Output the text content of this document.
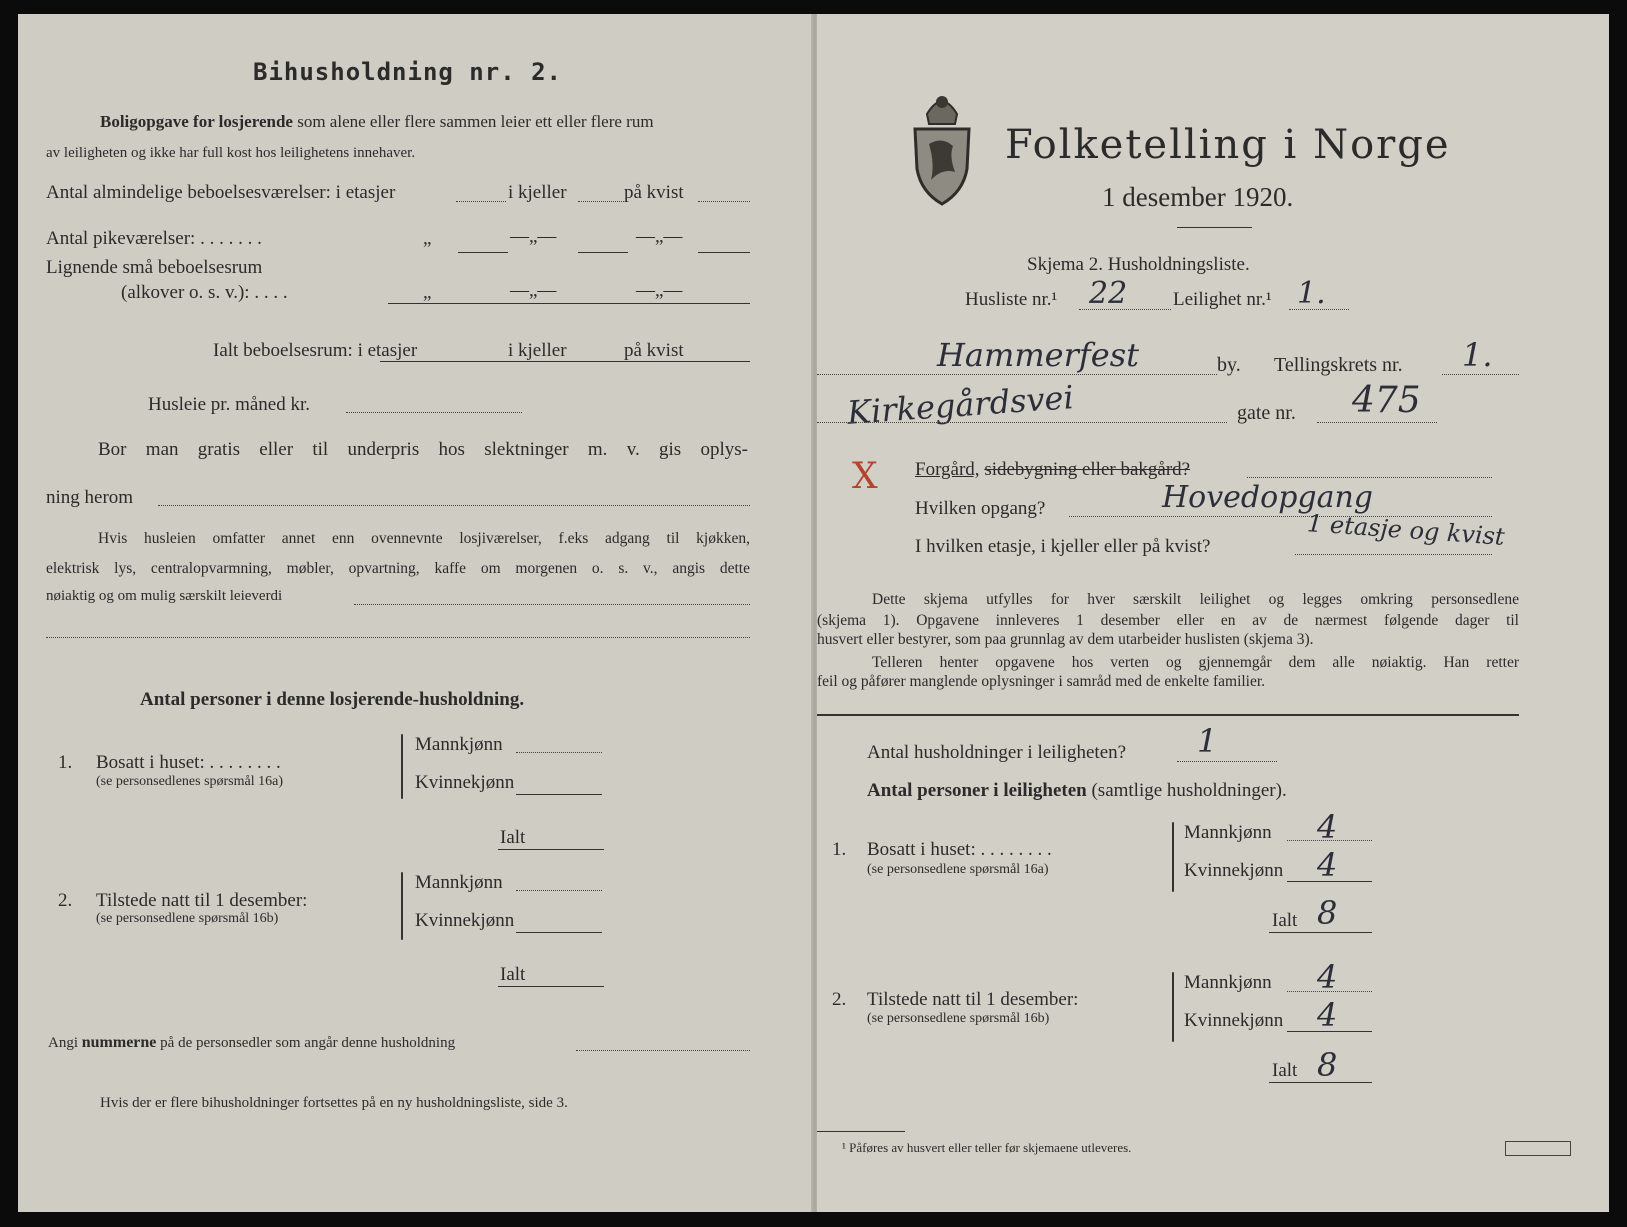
Bihusholdning nr. 2.
Boligopgave for losjerende som alene eller flere sammen leier ett eller flere rum
av leiligheten og ikke har full kost hos leilighetens innehaver.
Antal almindelige beboelsesværelser: i etasjer	i kjeller	på kvist
Antal pikeværelser: . . . . . . .	„	—„—	—„—
Lignende små beboelsesrum
(alkover o. s. v.): . . . .	„	—„—	—„—
Ialt beboelsesrum: i etasjer	i kjeller	på kvist
Husleie pr. måned kr.
Bor man gratis eller til underpris hos slektninger m. v. gis oplys-
ning herom
Hvis husleien omfatter annet enn ovennevnte losjiværelser, f.eks adgang til kjøkken,
elektrisk lys, centralopvarmning, møbler, opvartning, kaffe om morgenen o. s. v., angis dette
nøiaktig og om mulig særskilt leieverdi
Antal personer i denne losjerende-husholdning.
1. Bosatt i huset: . . . . . . . .
(se personsedlenes spørsmål 16a)
Mannkjønn
Kvinnekjønn
Ialt
2. Tilstede natt til 1 desember:
(se personsedlene spørsmål 16b)
Mannkjønn
Kvinnekjønn
Ialt
Angi nummerne på de personsedler som angår denne husholdning
Hvis der er flere bihusholdninger fortsettes på en ny husholdningsliste, side 3.
Folketelling i Norge
1 desember 1920.
Skjema 2. Husholdningsliste.
Husliste nr.¹ 22 Leilighet nr.¹ 1.
Hammerfest	by. Tellingskrets nr. 1.
Kirkegårdsvei	gate nr. 475
X Forgård, sidebygning eller bakgård?
Hvilken opgang?	Hovedopgang
I hvilken etasje, i kjeller eller på kvist?	1 etasje og kvist
Dette skjema utfylles for hver særskilt leilighet og legges omkring personsedlene
(skjema 1). Opgavene innleveres 1 desember eller en av de nærmest følgende dager til
husvert eller bestyrer, som paa grunnlag av dem utarbeider huslisten (skjema 3).
Telleren henter opgavene hos verten og gjennemgår dem alle nøiaktig. Han retter
feil og påfører manglende oplysninger i samråd med de enkelte familier.
Antal husholdninger i leiligheten? 1
Antal personer i leiligheten (samtlige husholdninger).
1. Bosatt i huset: . . . . . . . .
(se personsedlene spørsmål 16a)
Mannkjønn 4
Kvinnekjønn 4
Ialt 8
2. Tilstede natt til 1 desember:
(se personsedlene spørsmål 16b)
Mannkjønn 4
Kvinnekjønn 4
Ialt 8
¹ Påføres av husvert eller teller før skjemaene utleveres.
